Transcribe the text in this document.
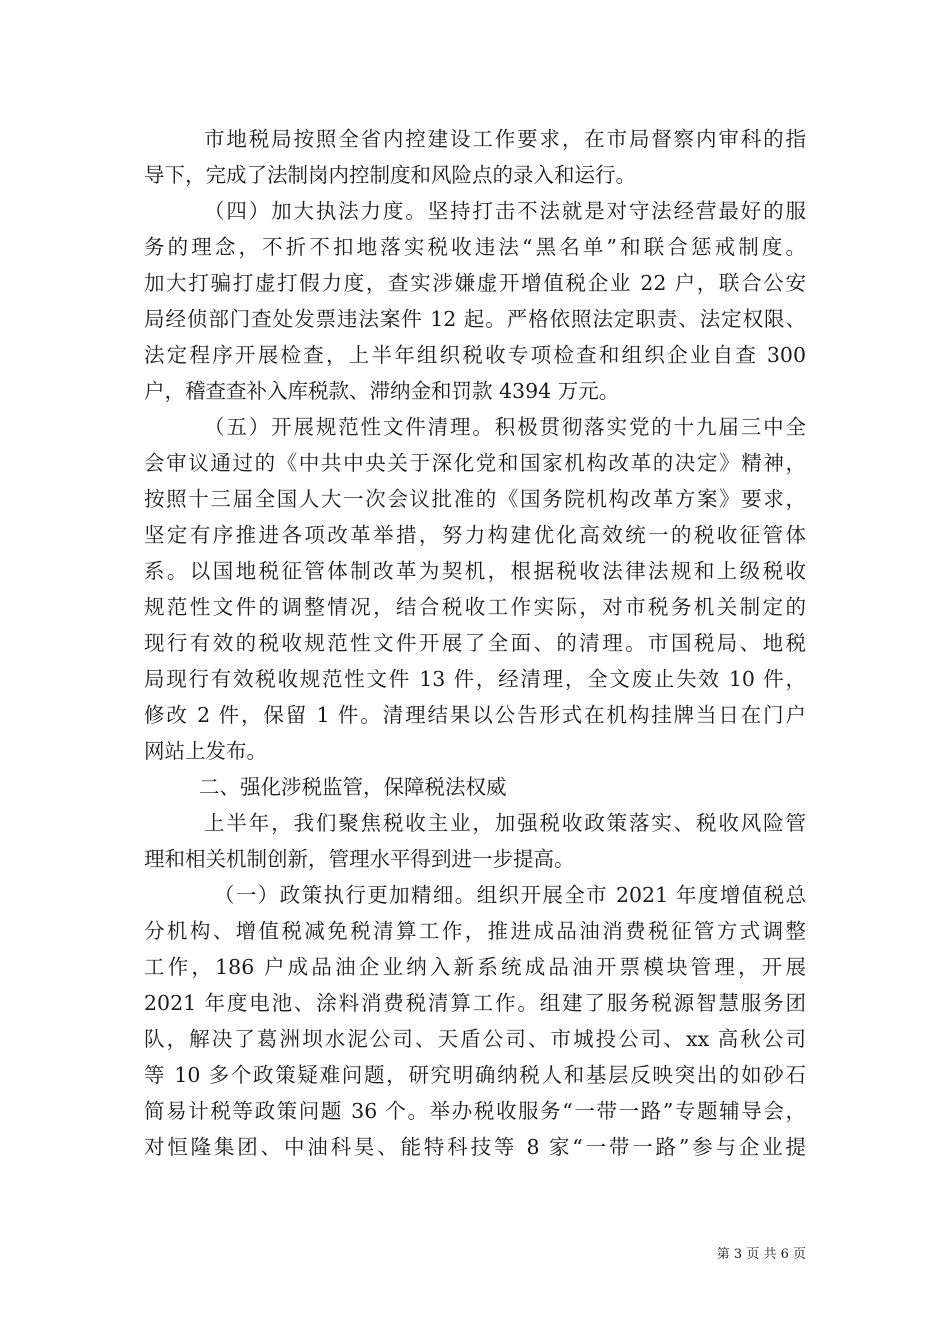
市地税局按照全省内控建设工作要求，在市局督察内审科的指
导下，完成了法制岗内控制度和风险点的录入和运行。
（四）加大执法力度。坚持打击不法就是对守法经营最好的服
务的理念，不折不扣地落实税收违法“黑名单”和联合惩戒制度。
加大打骗打虚打假力度，查实涉嫌虚开增值税企业 22 户，联合公安
局经侦部门查处发票违法案件 12 起。严格依照法定职责、法定权限、
法定程序开展检查，上半年组织税收专项检查和组织企业自查 300
户，稽查查补入库税款、滞纳金和罚款 4394 万元。
（五）开展规范性文件清理。积极贯彻落实党的十九届三中全
会审议通过的《中共中央关于深化党和国家机构改革的决定》精神，
按照十三届全国人大一次会议批准的《国务院机构改革方案》要求，
坚定有序推进各项改革举措，努力构建优化高效统一的税收征管体
系。以国地税征管体制改革为契机，根据税收法律法规和上级税收
规范性文件的调整情况，结合税收工作实际，对市税务机关制定的
现行有效的税收规范性文件开展了全面、的清理。市国税局、地税
局现行有效税收规范性文件 13 件，经清理，全文废止失效 10 件，
修改 2 件，保留 1 件。清理结果以公告形式在机构挂牌当日在门户
网站上发布。
二、强化涉税监管，保障税法权威
上半年，我们聚焦税收主业，加强税收政策落实、税收风险管
理和相关机制创新，管理水平得到进一步提高。
（一）政策执行更加精细。组织开展全市 2021 年度增值税总
分机构、增值税减免税清算工作，推进成品油消费税征管方式调整
工作，186 户成品油企业纳入新系统成品油开票模块管理，开展
2021 年度电池、涂料消费税清算工作。组建了服务税源智慧服务团
队，解决了葛洲坝水泥公司、天盾公司、市城投公司、xx 高秋公司
等 10 多个政策疑难问题，研究明确纳税人和基层反映突出的如砂石
简易计税等政策问题 36 个。举办税收服务“一带一路”专题辅导会，
对恒隆集团、中油科昊、能特科技等 8 家“一带一路”参与企业提
第 3 页 共 6 页
